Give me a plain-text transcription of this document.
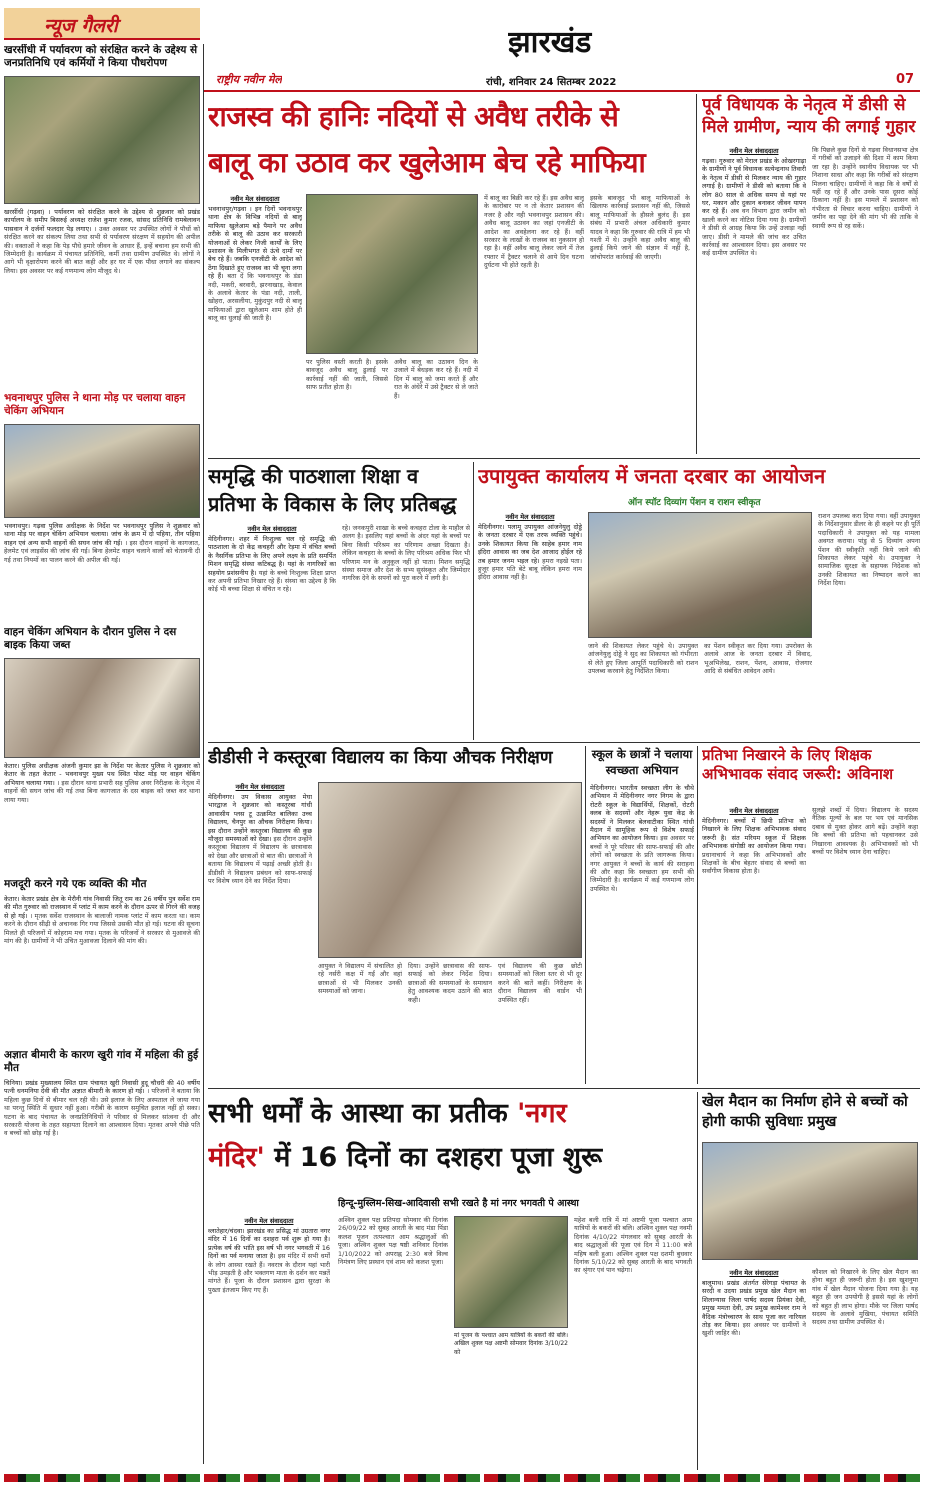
न्यूज गैलरी	झारखंड
राष्ट्रीय नवीन मेल	रांची, शनिवार 24 सितम्बर 2022	07
खरसींधी में पर्यावरण को संरक्षित करने के उद्देश्य से जनप्रतिनिधि एवं कर्मियों ने किया पौधरोपण
खरसींधी (गढ़वा) । पर्यावरण को संरक्षित करने के उद्देश्य से शुक्रवार को प्रखंड कार्यालय के समीप बिसरुई अध्यक्ष राजेश कुमार रजक, सांसद प्रतिनिधि रामबेलावन पासवान ने दर्जनों फलदार पेड़ लगाए। । उक्त अवसर पर उपस्थित लोगों ने पौधों को संरक्षित करने का संकल्प लिया तथा सभी से पर्यावरण संरक्षण में सहयोग की अपील की। वक्ताओं ने कहा कि पेड़ पौधे हमारे जीवन के आधार हैं, इन्हें बचाना हम सभी की जिम्मेदारी है। कार्यक्रम में पंचायत प्रतिनिधि, कर्मी तथा ग्रामीण उपस्थित थे। लोगों ने आगे भी वृक्षारोपण करने की बात कही और हर घर में एक पौधा लगाने का संकल्प लिया। इस अवसर पर कई गणमान्य लोग मौजूद थे।
भवनाथपुर पुलिस ने थाना मोड़ पर चलाया वाहन चेकिंग अभियान
भवनाथपुर। गढ़वा पुलिस अधीक्षक के निर्देश पर भवनाथपुर पुलिस ने शुक्रवार को थाना मोड़ पर वाहन चेकिंग अभियान चलाया। जांच के क्रम में दो पहिया, तीन पहिया वाहन एवं अन्य सभी वाहनों की सघन जांच की गई। । इस दौरान वाहनों के कागजात, हेलमेट एवं लाइसेंस की जांच की गई। बिना हेलमेट वाहन चलाने वालों को चेतावनी दी गई तथा नियमों का पालन करने की अपील की गई।
वाहन चेकिंग अभियान के दौरान पुलिस ने दस बाइक किया जब्त
केतार। पुलिस अधीक्षक अंजनी कुमार झा के निर्देश पर केतार पुलिस ने शुक्रवार को केतार के तहत केतार - भवनाथपुर मुख्य पथ स्थित पोस्ट मोड़ पर वाहन चेकिंग अभियान चलाया गया। । इस दौरान थाना प्रभारी सह पुलिस अवर निरीक्षक के नेतृत्व में वाहनों की सघन जांच की गई तथा बिना कागजात के दस बाइक को जब्त कर थाना लाया गया।
मजदूरी करने गये एक व्यक्ति की मौत
केतार। केतार प्रखंड क्षेत्र के मेरौनी गांव निवासी जितू राम का 26 वर्षीय पुत्र सर्वेश राम की मौत गुरुवार को राजस्थान में प्लांट में काम करने के दौरान ऊपर से गिरने की वजह से हो गई। । मृतक सर्वेश राजस्थान के बालाजी नामक प्लांट में काम करता था। काम करने के दौरान सीढ़ी से अचानक गिर गया जिससे उसकी मौत हो गई। घटना की सूचना मिलते ही परिजनों में कोहराम मच गया। मृतक के परिजनों ने सरकार से मुआवजे की मांग की है। ग्रामीणों ने भी उचित मुआवजा दिलाने की मांग की।
अज्ञात बीमारी के कारण खुरी गांव में महिला की हुई मौत
चिनिया। प्रखंड मुख्यालय स्थित ग्राम पंचायत खुरी निवासी हुदू चौधरी की 40 वर्षीय पत्नी धनमनिया देवी की मौत अज्ञात बीमारी के कारण हो गई। । परिजनों ने बताया कि महिला कुछ दिनों से बीमार चल रही थी। उसे इलाज के लिए अस्पताल ले जाया गया था परन्तु स्थिति में सुधार नहीं हुआ। गरीबी के कारण समुचित इलाज नहीं हो सका। घटना के बाद पंचायत के जनप्रतिनिधियों ने परिवार से मिलकर सांत्वना दी और सरकारी योजना के तहत सहायता दिलाने का आश्वासन दिया। मृतका अपने पीछे पति व बच्चों को छोड़ गई है।
राजस्व की हानिः नदियों से अवैध तरीके से
बालू का उठाव कर खुलेआम बेच रहे माफिया
नवीन मेल संवाददाता
भवनाथपुर/गढ़वा । इन दिनों भवनाथपुर थाना क्षेत्र के विभिन्न नदियों से बालू माफिया खुलेआम बड़े पैमाने पर अवैध तरीके से बालू की उठाव कर सरकारी योजनाओं से लेकर निजी कार्यों के लिए प्रशासन के मिलीभगत से ऊंचे दामों पर बेच रहे हैं। जबकि एनजीटी के आदेश को ठेंगा दिखाते हुए राजस्व का भी चूना लगा रहे हैं। बता दें कि भवनाथपुर के डंडा नदी, मकरी, बरवारी, झरनाखाड़, केवाल के अलावे केतार के पंडा नदी, ताली, खोहरा, अरसलीया, मुकुंदपुर नदी से बालू माफियाओं द्वारा खुलेआम शाम होते ही बालू का धुलाई की जाती है।
पर पुलिस वस्ती करती है। इसके बावजूद अवैध बालू ढुलाई पर कार्रवाई नहीं की जाती, जिससे साफ प्रतीत होता है।
अवैध बालू का उठावन दिन के उजाले में बेधड़क कर रहे हैं। नदी में दिन में बालू को जमा करते हैं और रात के अंधेरे में उसे ट्रैक्टर से ले जाते हैं।
में बालू का बिक्री कर रहे हैं। इस अवैध बालू के कारोबार पर न तो केतार प्रशासन की नजर है और नही भवनाथपुर प्रशासन की। अवैध बालू उठावन का जहां एनजीटी के आदेश का अवहेलना कर रहे हैं। वहीं सरकार के लाखों के राजस्व का नुकसान हो रहा है। वहीं अवैध बालू लेकर जाने में तेज रफ्तार में ट्रैक्टर चलाने से आये दिन घटना दुर्घटना भी होते रहती है।
इसके बावजूद भी बालू माफियाओं के खिलाफ कार्रवाई प्रशासन नहीं की, जिससे बालू माफियाओं के हौसले बुलंद हैं। इस संबंध में प्रभारी अंचल अधिकारी कुमार यादव ने कहा कि गुरुवार की रात्रि में हम भी गश्ती में थे। उन्होंने कहा अवैध बालू की ढुलाई किये जाने की संज्ञान में नहीं है, जांचोपरांत कार्रवाई की जाएगी।
पूर्व विधायक के नेतृत्व में डीसी से मिले ग्रामीण, न्याय की लगाई गुहार
नवीन मेल संवाददाता
गढ़वा। गुरुवार को मेराल प्रखंड के ओखरगाढ़ा के ग्रामीणों ने पूर्व विधायक सत्येन्द्रनाथ तिवारी के नेतृत्व में डीसी से मिलकर न्याय की गुहार लगाई है। ग्रामीणों ने डीसी को बताया कि वे लोग 80 साल से अधिक समय से यहां पर घर, मकान और दुकान बनाकर जीवन यापन कर रहे हैं। अब वन विभाग द्वारा जमीन को खाली करने का नोटिस दिया गया है। ग्रामीणों ने डीसी से आग्रह किया कि उन्हें उजाड़ा नहीं जाए। डीसी ने मामले की जांच कर उचित कार्रवाई का आश्वासन दिया। इस अवसर पर कई ग्रामीण उपस्थित थे।
कि पिछले कुछ दिनों से गढ़वा विधानसभा क्षेत्र में गरीबों को उजाड़ने की दिशा में काम किया जा रहा है। उन्होंने स्थानीय विधायक पर भी निशाना साधा और कहा कि गरीबों को संरक्षण मिलना चाहिए। ग्रामीणों ने कहा कि वे वर्षों से यहीं रह रहे हैं और उनके पास दूसरा कोई ठिकाना नहीं है। इस मामले में प्रशासन को गंभीरता से विचार करना चाहिए। ग्रामीणों ने जमीन का पट्टा देने की मांग भी की ताकि वे स्थायी रूप से रह सकें।
समृद्धि की पाठशाला शिक्षा व प्रतिभा के विकास के लिए प्रतिबद्ध
नवीन मेल संवाददाता
मेदिनीनगर। शहर में निःशुल्क चल रहे समृद्धि की पाठशाला के दो केंद्र कचहरी और रेड़मा में वंचित बच्चों के नैसर्गिक प्रतिभा के लिए अपने लक्ष्य के प्रति समर्पित मिशन समृद्धि संस्था कटिबद्ध है। यहां के नागरिकों का सहयोग प्रशंसनीय है। यहां के बच्चे निःशुल्क शिक्षा प्राप्त कर अपनी प्रतिभा निखार रहे हैं। संस्था का उद्देश्य है कि कोई भी बच्चा शिक्षा से वंचित न रहे।
रहे। जनकपुरी शाखा के बच्चे कचहरा टोला के माहौल से अलग है। इसलिए यहां बच्चों के अंदर यहां के बच्चों पर बिना किसी परिश्रम का परिणाम अच्छा दिखता है। लेकिन कचहरा के बच्चों के लिए परिश्रम अधिक फिर भी परिणाम मन के अनुकूल नहीं हो पाता। मिशन समृद्धि संस्था समाज और देश के सभ्य सुसंस्कृत और जिम्मेदार नागरिक देने के सपनों को पूरा करने में लगी है।
उपायुक्त कार्यालय में जनता दरबार का आयोजन
ऑन स्पॉट दिव्यांग पेंशन व राशन स्वीकृत
नवीन मेल संवाददाता
मेदिनीनगर। पलामू उपायुक्त आंजनेयुलु दोड्डे के जनता दरबार में एक तरफ व्यक्ति पहुंचे। उनके शिकायत किया कि साहेब हमार नाम इंदिरा आवास का जब देश आजाद होईल रहे तब हमार जनम भइल रहे। हमरा नइखे पता। हुजूर हमार पति बेटे बाबू लेकिन हमरा नाम इंदिरा आवास नहीं है।
जाने की शिकायत लेकर पहुंचे थे। उपायुक्त आंजनेयुलु दोड्डे ने सुद का शिकायत को गंभीरता से लेते हुए जिला आपूर्ति पदाधिकारी को राशन उपलब्ध करवाने हेतु निर्देशित किया।
का पेंशन स्वीकृत कर दिया गया। उपरोक्त के अलावे आज के जनता दरबार में विवाद, भूअभिलेख, राशन, पेंशन, आवास, रोजगार आदि से संबंधित आवेदन आये।
राशन उपलब्ध करा दिया गया। वहीं उपायुक्त के निर्देशानुसार डीलर के ही कहने पर ही पूर्ति पदाधिकारी ने उपायुक्त को यह मामला अवगत कराया। पांडु से 5 दिव्यांग अपना पेंशन की स्वीकृति नहीं किये जाने की शिकायत लेकर पहुंचे थे। उपायुक्त ने सामाजिक सुरक्षा के सहायक निदेशक को उनकी शिकायत का निष्पादन करने का निर्देश दिया।
डीडीसी ने कस्तूरबा विद्यालय का किया औचक निरीक्षण
नवीन मेल संवाददाता
मेदिनीनगर। उप विकास आयुक्त मेघा भारद्वाज ने शुक्रवार को कस्तूरबा गांधी आवासीय प्लस टू उत्क्रमित बालिका उच्च विद्यालय, चैनपुर का औचक निरीक्षण किया। इस दौरान उन्होंने कस्तूरबा विद्यालय की कुछ मौजूदा समस्याओं को देखा। इस दौरान उन्होंने कस्तूरबा विद्यालय में विद्यालय के छात्रावास को देखा और छात्राओं से बात की। छात्राओं ने बताया कि विद्यालय में पढ़ाई अच्छी होती है। डीडीसी ने विद्यालय प्रबंधन को साफ-सफाई पर विशेष ध्यान देने का निर्देश दिया।
आयुक्त ने विद्यालय में संचालित हो रहे नर्सरी कक्ष में गईं और वहां छात्राओं से भी मिलकर उनकी समस्याओं को जाना।
दिया। उन्होंने छात्रावास की साफ-सफाई को लेकर निर्देश दिया। छात्राओं की समस्याओं के समाधान हेतु आवश्यक कदम उठाने की बात कही।
एवं विद्यालय की कुछ छोटी समस्याओं को जिला स्तर से भी दूर करने की बातें कहीं। निरीक्षण के दौरान विद्यालय की वार्डन भी उपस्थित रहीं।
स्कूल के छात्रों ने चलाया स्वच्छता अभियान
मेदिनीनगर। भारतीय स्वच्छता लीग के चौथे अभियान में मेदिनीनगर नगर निगम के द्वारा रोटरी स्कूल के विद्यार्थियों, शिक्षकों, रोटरी क्लब के सदस्यों और नेहरू युवा केंद्र के सदस्यों ने मिलकर बेलवाटीका स्थित गांधी मैदान में सामूहिक रूप से विशेष सफाई अभियान का आयोजन किया। इस अवसर पर बच्चों ने पूरे परिसर की साफ-सफाई की और लोगों को स्वच्छता के प्रति जागरूक किया। नगर आयुक्त ने बच्चों के कार्य की सराहना की और कहा कि स्वच्छता हम सभी की जिम्मेदारी है। कार्यक्रम में कई गणमान्य लोग उपस्थित थे।
प्रतिभा निखारने के लिए शिक्षक अभिभावक संवाद जरूरी: अविनाश
नवीन मेल संवाददाता
मेदिनीनगर। बच्चों में छिपी प्रतिभा को निखारने के लिए शिक्षक अभिभावक संवाद जरूरी है। संत मरियम स्कूल में शिक्षक अभिभावक संगोष्ठी का आयोजन किया गया। प्रधानाचार्य ने कहा कि अभिभावकों और शिक्षकों के बीच बेहतर संवाद से बच्चों का सर्वांगीण विकास होता है।
सुलझे शब्दों में दिया। विद्यालय के सदस्य नैतिक मूल्यों के बल पर भय एवं मानसिक दबाव से मुक्त होकर आगे बढ़ें। उन्होंने कहा कि बच्चों की प्रतिभा को पहचानकर उसे निखारना आवश्यक है। अभिभावकों को भी बच्चों पर विशेष ध्यान देना चाहिए।
सभी धर्मों के आस्था का प्रतीक 'नगर
मंदिर' में 16 दिनों का दशहरा पूजा शुरू
हिन्दू-मुस्लिम-सिख-आदिवासी सभी रखते है मां नगर भगवती पे आस्था
नवीन मेल संवाददाता
व्लातेहार/चंदवा। झारखंड का प्रसिद्ध मां उग्रतारा नगर मंदिर में 16 दिनों का दशहरा पर्व शुरू हो गया है। प्रत्येक वर्ष की भांति इस वर्ष भी नगर भगवती में 16 दिनों का पर्व मनाया जाता है। इस मंदिर में सभी धर्मों के लोग आस्था रखते हैं। नवरात्र के दौरान यहां भारी भीड़ उमड़ती है और भक्तगण माता के दर्शन कर मन्नतें मांगते हैं। पूजा के दौरान प्रशासन द्वारा सुरक्षा के पुख्ता इंतजाम किए गए हैं।
अश्विन शुक्ल पक्ष प्रतिपदा सोमवार की दिनांक 26/09/22 को सुबह आरती के बाद मंडा पिंडा कलश पूजन तत्पश्चात आम श्रद्धालुओं की पूजा। अश्विन शुक्ल पक्ष षष्ठी शनिवार दिनांक 1/10/2022 को अपराह्न 2:30 बजे विल्व निमंत्रण लिए प्रस्थान एवं शाम को कलश पूजा।
मां पूजन के पश्चात आम यात्रियों के बकरों की बलि। अखिल शुक्ल पक्ष अष्टमी सोमवार दिनांक 3/10/22 को
महेश बली रात्रि में मां अष्टमी पूजा पश्चात आम यात्रियों के बकरों की बलि। अश्विन शुक्ल पक्ष नवमी दिनांक 4/10/22 मंगलवार को सुबह आरती के बाद श्रद्धालुओं की पूजा एवं दिन में 11:00 बजे महिष बली हुआ। अश्विन शुक्ल पक्ष दशमी बुधवार दिनांक 5/10/22 को सुबह आरती के बाद भगवती का श्रृंगार एवं पान चढ़ेगा।
खेल मैदान का निर्माण होने से बच्चों को होगी काफी सुविधाः प्रमुख
नवीन मेल संवाददाता
बालूमाथ। प्रखंड अंतर्गत सेरेगड़ा पंचायत के सरदी व उदया प्रखंड प्रमुख खेल मैदान का शिलान्यास जिला पार्षद सदस्य प्रियंका देवी, प्रमुख ममता देवी, उप प्रमुख कामेश्वर राम ने वैदिक मंत्रोच्चारण के साथ पूजा कर नारियल तोड़ कर किया। इस अवसर पर ग्रामीणों ने खुशी जाहिर की।
कौशल को निखारने के लिए खेल मैदान का होना बहुत ही जरूरी होता है। इस खुशनुमा गांव में खेल मैदान योजना दिया गया है। यह बहुत ही जन उपयोगी है इससे यहां के लोगों को बहुत ही लाभ होगा। मौके पर जिला पार्षद सदस्य के अलावे मुखिया, पंचायत समिति सदस्य तथा ग्रामीण उपस्थित थे।
